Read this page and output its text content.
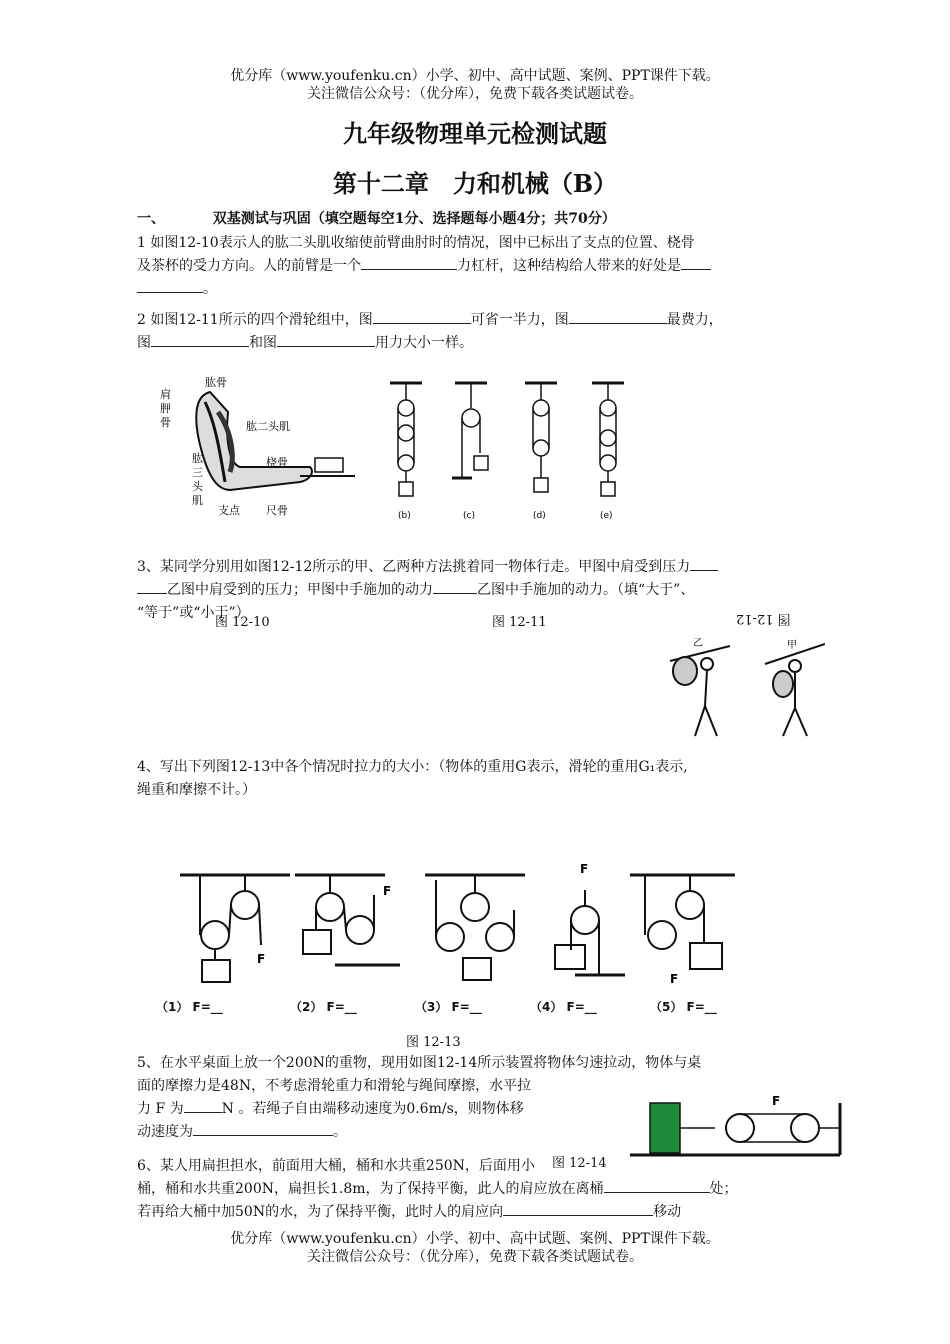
优分库（www.youfenku.cn）小学、初中、高中试题、案例、PPT课件下载。
关注微信公众号：（优分库），免费下载各类试题试卷。
九年级物理单元检测试题
第十二章　力和机械（B）
一、	双基测试与巩固（填空题每空1分、选择题每小题4分；共70分）
1 如图12-10表示人的肱二头肌收缩使前臂曲肘时的情况，图中已标出了支点的位置、桡骨
及茶杯的受力方向。人的前臂是一个	力杠杆，这种结构给人带来的好处是
。
2 如图12-11所示的四个滑轮组中，图	可省一半力，图	最费力，
图	和图	用力大小一样。
肩
胛
骨
肱骨
肱二头肌
肱
三
头
肌
桡骨
支点 尺骨	(b)	(c)	(d)	(e)
3、某同学分别用如图12-12所示的甲、乙两种方法挑着同一物体行走。甲图中肩受到压力
乙图中肩受到的压力；甲图中手施加的动力	乙图中手施加的动力。（填“大于”、
“等于”或“小于”）
图 12-10	图 12-11	图 12-12
乙	甲
4、写出下列图12-13中各个情况时拉力的大小：（物体的重用G表示，滑轮的重用G₁表示,
绳重和摩擦不计。）
F
F
F
F
（1） F=__	（2） F=__	（3） F=__	（4） F=__	（5） F=__
图 12-13
5、在水平桌面上放一个200N的重物，现用如图12-14所示装置将物体匀速拉动，物体与桌
面的摩擦力是48N，不考虑滑轮重力和滑轮与绳间摩擦，水平拉
力 F 为	N 。若绳子自由端移动速度为0.6m/s，则物体移
动速度为	。
F
图 12-14
6、某人用扁担担水，前面用大桶，桶和水共重250N，后面用小
桶，桶和水共重200N，扁担长1.8m，为了保持平衡，此人的肩应放在离桶	处；
若再给大桶中加50N的水，为了保持平衡，此时人的肩应向	移动
优分库（www.youfenku.cn）小学、初中、高中试题、案例、PPT课件下载。
关注微信公众号：（优分库），免费下载各类试题试卷。
